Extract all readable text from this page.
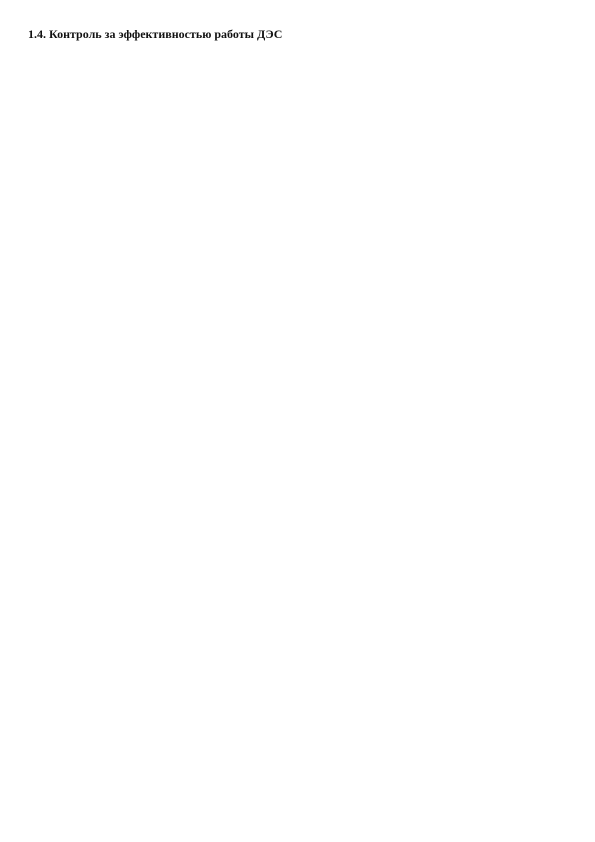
1.4. Контроль за эффективностью работы ДЭС
